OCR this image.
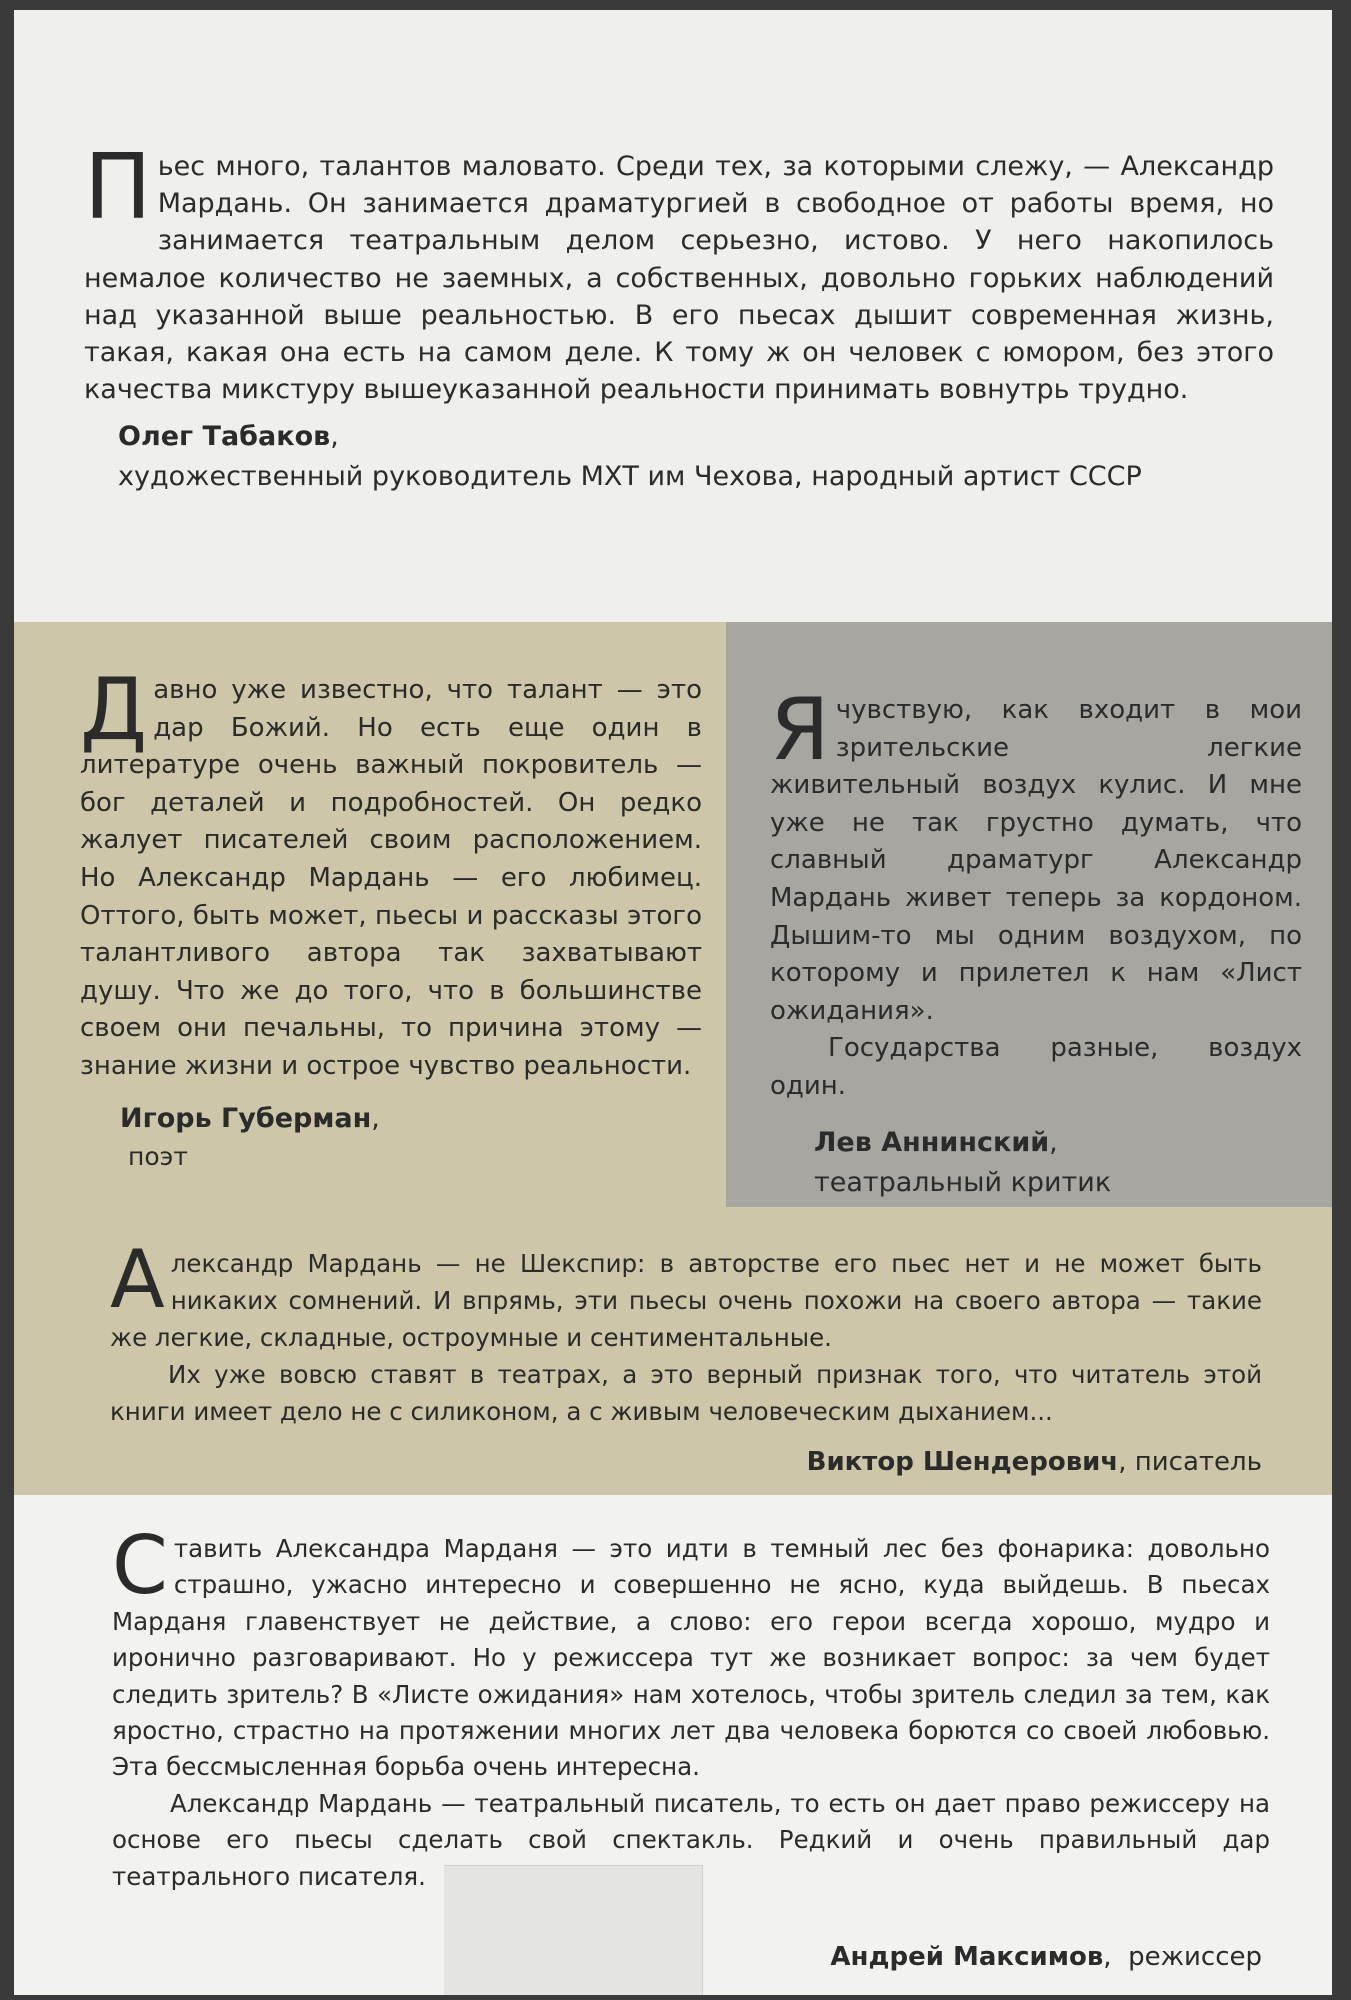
Пьес много, талантов маловато. Среди тех, за которыми слежу, — Александр Мардань. Он занимается драматургией в свободное от работы время, но занимается театральным делом серьезно, истово. У него накопилось немалое количество не заемных, а собственных, довольно горьких наблюдений над указанной выше реальностью. В его пьесах дышит современная жизнь, такая, какая она есть на самом деле. К тому ж он человек с юмором, без этого качества микстуру вышеуказанной реальности принимать вовнутрь трудно.

Олег Табаков,
художественный руководитель МХТ им Чехова, народный артист СССР

Давно уже известно, что талант — это дар Божий. Но есть еще один в литературе очень важный покровитель — бог деталей и подробностей. Он редко жалует писателей своим расположением. Но Александр Мардань — его любимец. Оттого, быть может, пьесы и рассказы этого талантливого автора так захватывают душу. Что же до того, что в большинстве своем они печальны, то причина этому — знание жизни и острое чувство реальности.

Игорь Губерман,
поэт

Ячувствую, как входит в мои зрительские легкие живительный воздух кулис. И мне уже не так грустно думать, что славный драматург Александр Мардань живет теперь за кордоном. Дышим-то мы одним воздухом, по которому и прилетел к нам «Лист ожидания».

Государства разные, воздух один.

Лев Аннинский,
театральный критик

Александр Мардань — не Шекспир: в авторстве его пьес нет и не может быть никаких сомнений. И впрямь, эти пьесы очень похожи на своего автора — такие же легкие, складные, остроумные и сентиментальные.

Их уже вовсю ставят в театрах, а это верный признак того, что читатель этой книги имеет дело не с силиконом, а с живым человеческим дыханием...

Виктор Шендерович, писатель

Ставить Александра Марданя — это идти в темный лес без фонарика: довольно страшно, ужасно интересно и совершенно не ясно, куда выйдешь. В пьесах Марданя главенствует не действие, а слово: его герои всегда хорошо, мудро и иронично разговаривают. Но у режиссера тут же возникает вопрос: за чем будет следить зритель? В «Листе ожидания» нам хотелось, чтобы зритель следил за тем, как яростно, страстно на протяжении многих лет два человека борются со своей любовью. Эта бессмысленная борьба очень интересна.

Александр Мардань — театральный писатель, то есть он дает право режиссеру на основе его пьесы сделать свой спектакль. Редкий и очень правильный дар театрального писателя.

Андрей Максимов, режиссер
